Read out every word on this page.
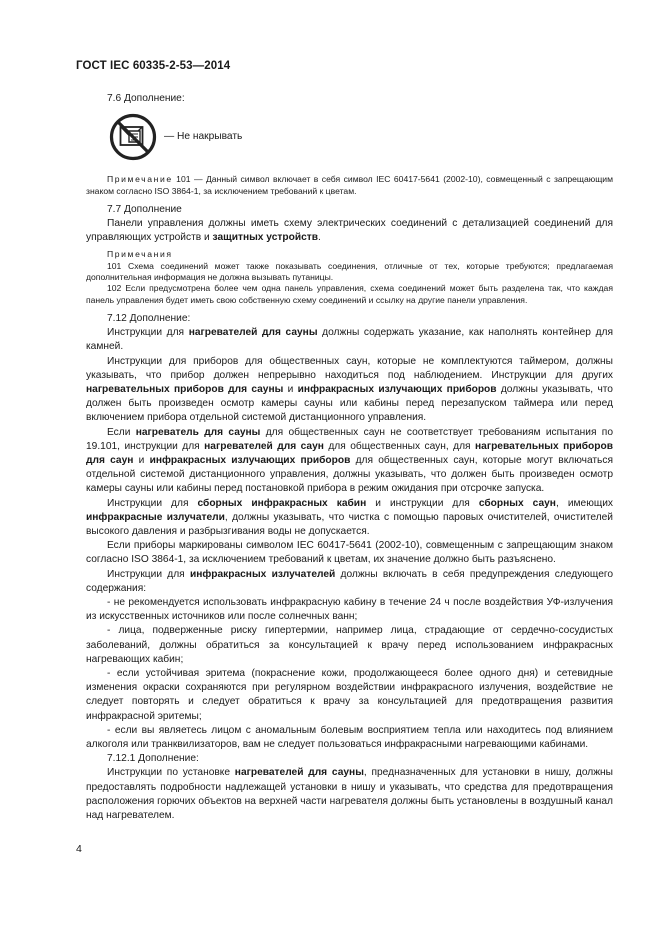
ГОСТ IEC 60335-2-53—2014

7.6 Дополнение:

— Не накрывать

Примечание 101 — Данный символ включает в себя символ IEC 60417-5641 (2002-10), совмещенный с запрещающим знаком согласно ISO 3864-1, за исключением требований к цветам.

7.7 Дополнение

Панели управления должны иметь схему электрических соединений с детализацией соединений для управляющих устройств и защитных устройств.

Примечания

101 Схема соединений может также показывать соединения, отличные от тех, которые требуются; предлагаемая дополнительная информация не должна вызывать путаницы.

102 Если предусмотрена более чем одна панель управления, схема соединений может быть разделена так, что каждая панель управления будет иметь свою собственную схему соединений и ссылку на другие панели управления.

7.12 Дополнение:

Инструкции для нагревателей для сауны должны содержать указание, как наполнять контейнер для камней.

Инструкции для приборов для общественных саун, которые не комплектуются таймером, должны указывать, что прибор должен непрерывно находиться под наблюдением. Инструкции для других нагревательных приборов для сауны и инфракрасных излучающих приборов должны указывать, что должен быть произведен осмотр камеры сауны или кабины перед перезапуском таймера или перед включением прибора отдельной системой дистанционного управления.

Если нагреватель для сауны для общественных саун не соответствует требованиям испытания по 19.101, инструкции для нагревателей для саун для общественных саун, для нагревательных приборов для саун и инфракрасных излучающих приборов для общественных саун, которые могут включаться отдельной системой дистанционного управления, должны указывать, что должен быть произведен осмотр камеры сауны или кабины перед постановкой прибора в режим ожидания при отсрочке запуска.

Инструкции для сборных инфракрасных кабин и инструкции для сборных саун, имеющих инфракрасные излучатели, должны указывать, что чистка с помощью паровых очистителей, очистителей высокого давления и разбрызгивания воды не допускается.

Если приборы маркированы символом IEC 60417-5641 (2002-10), совмещенным с запрещающим знаком согласно ISO 3864-1, за исключением требований к цветам, их значение должно быть разъяснено.

Инструкции для инфракрасных излучателей должны включать в себя предупреждения следующего содержания:

- не рекомендуется использовать инфракрасную кабину в течение 24 ч после воздействия УФ-излучения из искусственных источников или после солнечных ванн;

- лица, подверженные риску гипертермии, например лица, страдающие от сердечно-сосудистых заболеваний, должны обратиться за консультацией к врачу перед использованием инфракрасных нагревающих кабин;

- если устойчивая эритема (покраснение кожи, продолжающееся более одного дня) и сетевидные изменения окраски сохраняются при регулярном воздействии инфракрасного излучения, воздействие не следует повторять и следует обратиться к врачу за консультацией для предотвращения развития инфракрасной эритемы;

- если вы являетесь лицом с аномальным болевым восприятием тепла или находитесь под влиянием алкоголя или транквилизаторов, вам не следует пользоваться инфракрасными нагревающими кабинами.

7.12.1 Дополнение:

Инструкции по установке нагревателей для сауны, предназначенных для установки в нишу, должны предоставлять подробности надлежащей установки в нишу и указывать, что средства для предотвращения расположения горючих объектов на верхней части нагревателя должны быть установлены в воздушный канал над нагревателем.

4
